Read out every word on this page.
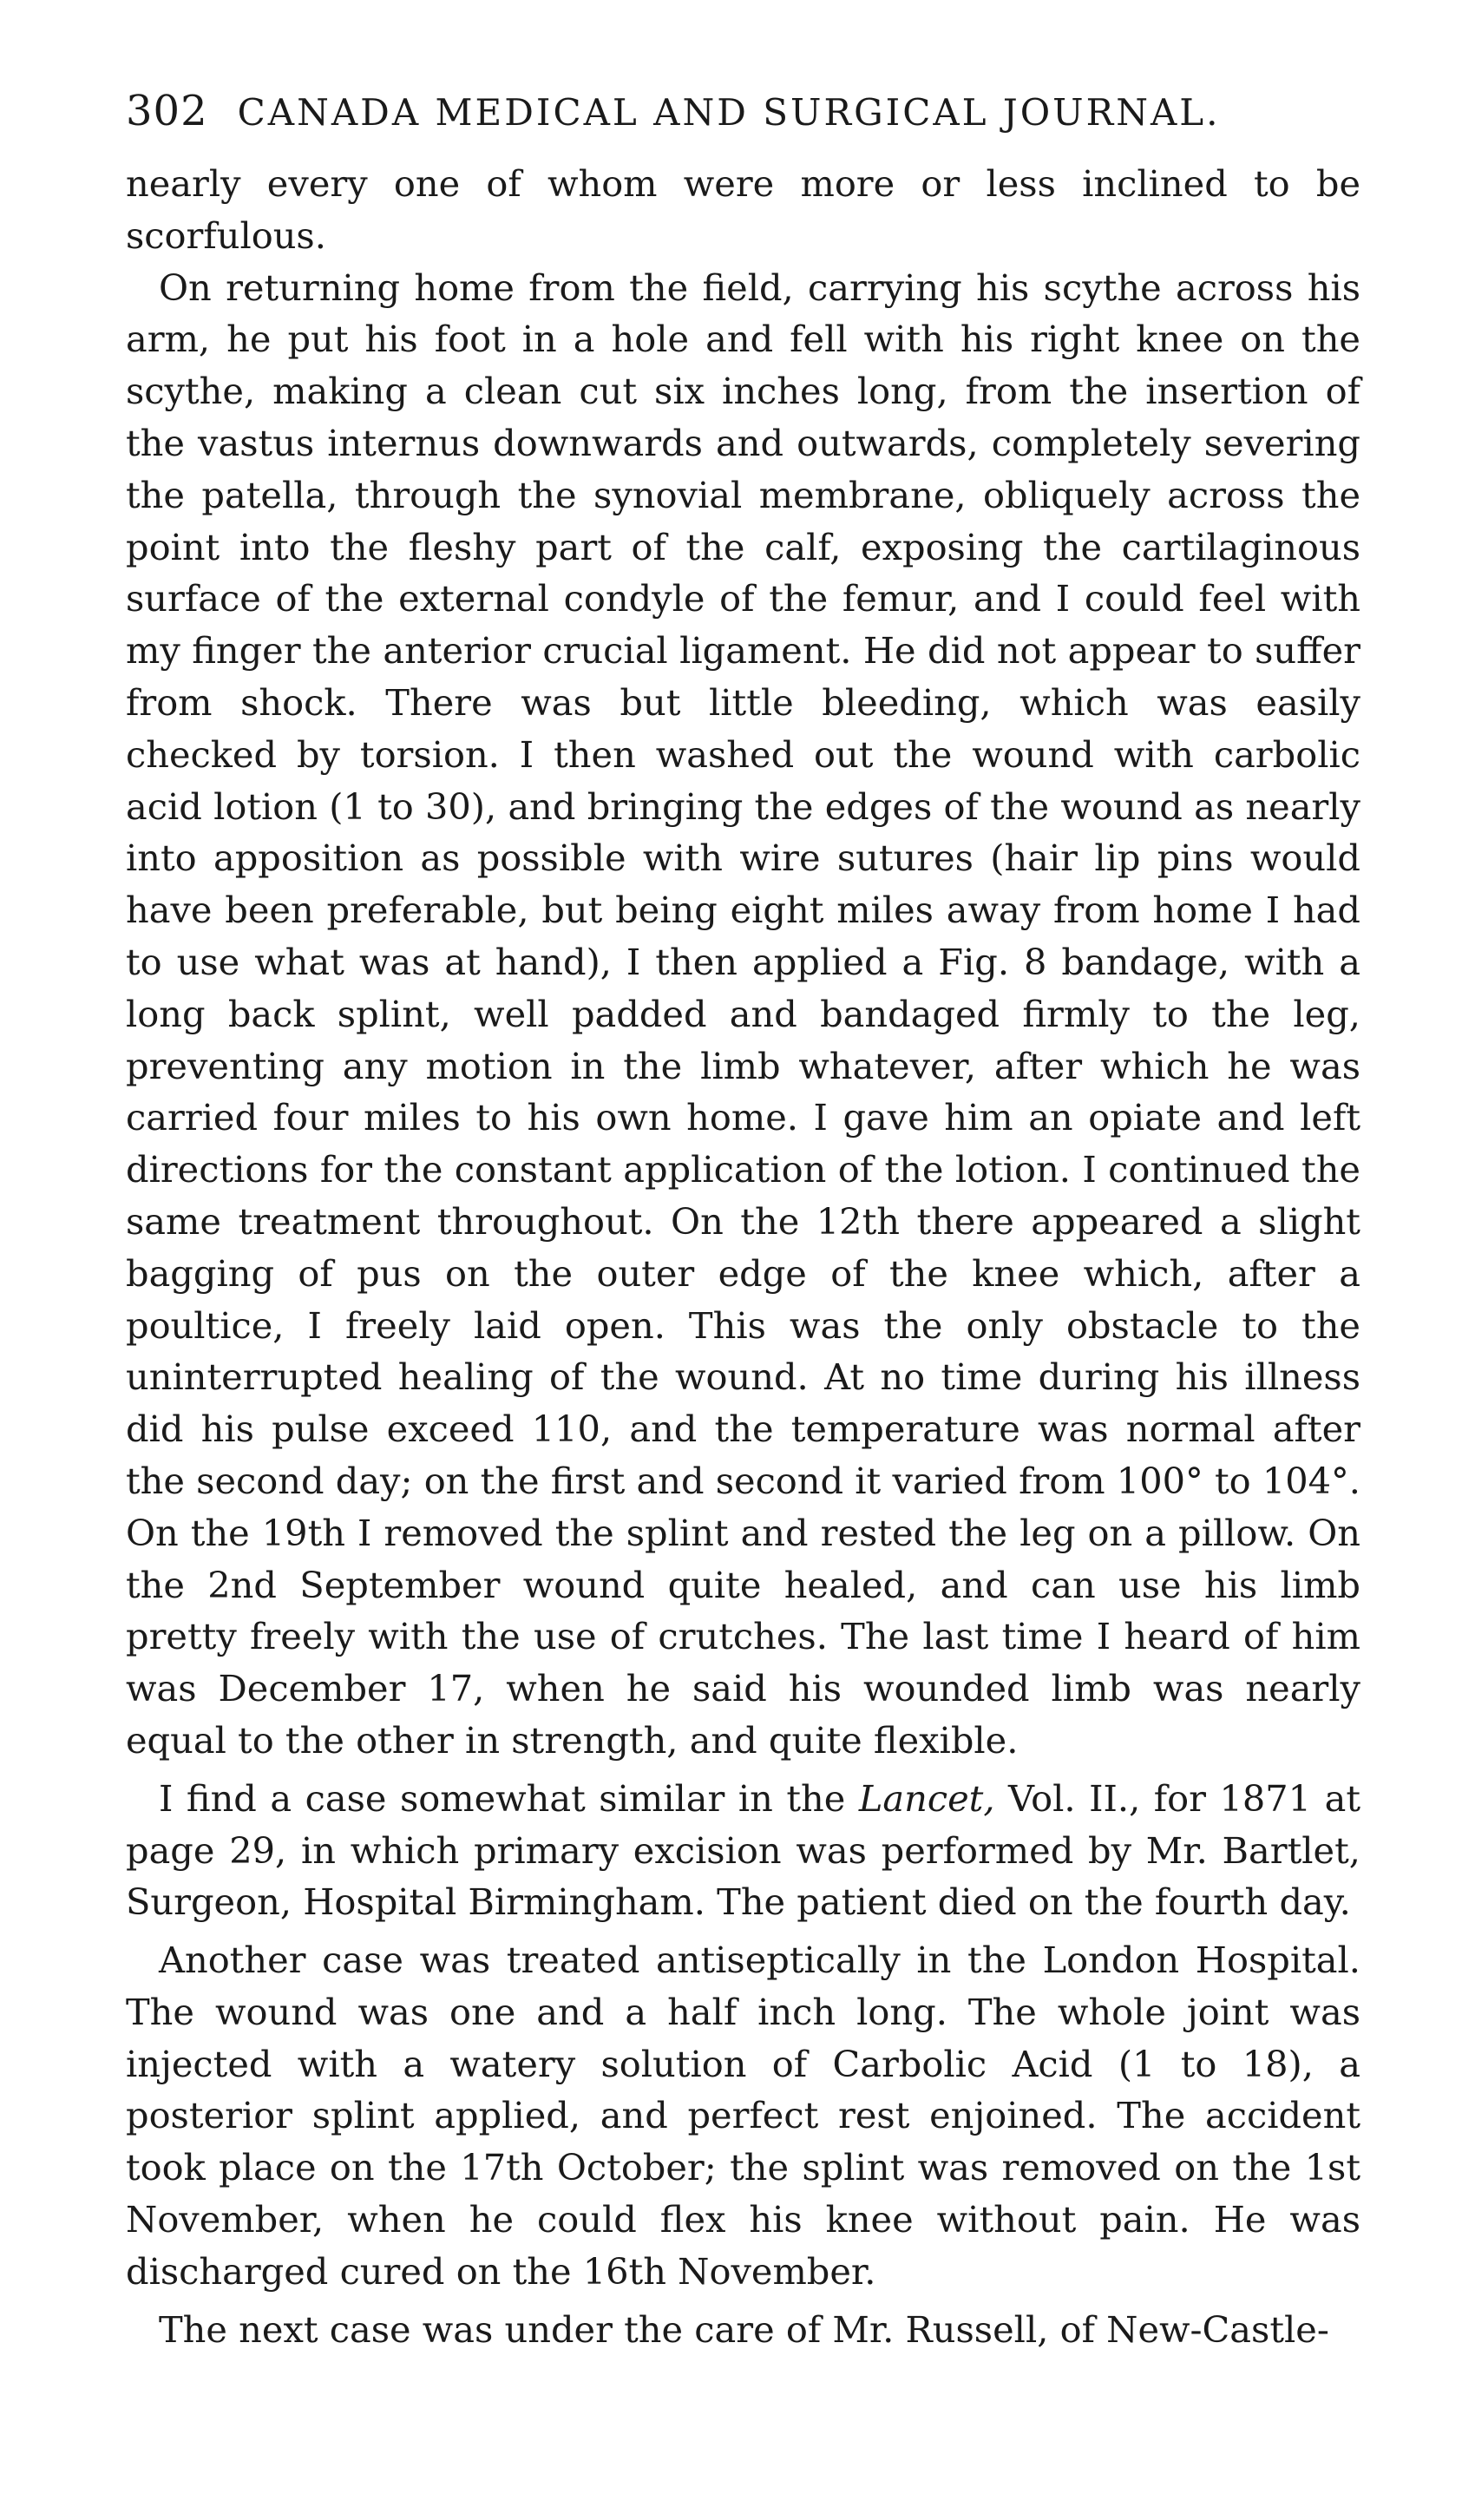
302 CANADA MEDICAL AND SURGICAL JOURNAL.

nearly every one of whom were more or less inclined to be scorfulous.

On returning home from the field, carrying his scythe across his arm, he put his foot in a hole and fell with his right knee on the scythe, making a clean cut six inches long, from the insertion of the vastus internus downwards and outwards, completely severing the patella, through the synovial membrane, obliquely across the point into the fleshy part of the calf, exposing the cartilaginous surface of the external condyle of the femur, and I could feel with my finger the anterior crucial ligament. He did not appear to suffer from shock. There was but little bleeding, which was easily checked by torsion. I then washed out the wound with carbolic acid lotion (1 to 30), and bringing the edges of the wound as nearly into apposition as possible with wire sutures (hair lip pins would have been preferable, but being eight miles away from home I had to use what was at hand), I then applied a Fig. 8 bandage, with a long back splint, well padded and bandaged firmly to the leg, preventing any motion in the limb whatever, after which he was carried four miles to his own home. I gave him an opiate and left directions for the constant application of the lotion. I continued the same treatment throughout. On the 12th there appeared a slight bagging of pus on the outer edge of the knee which, after a poultice, I freely laid open. This was the only obstacle to the uninterrupted healing of the wound. At no time during his illness did his pulse exceed 110, and the temperature was normal after the second day; on the first and second it varied from 100° to 104°. On the 19th I removed the splint and rested the leg on a pillow. On the 2nd September wound quite healed, and can use his limb pretty freely with the use of crutches. The last time I heard of him was December 17, when he said his wounded limb was nearly equal to the other in strength, and quite flexible.

I find a case somewhat similar in the Lancet, Vol. II., for 1871 at page 29, in which primary excision was performed by Mr. Bartlet, Surgeon, Hospital Birmingham. The patient died on the fourth day.

Another case was treated antiseptically in the London Hospital. The wound was one and a half inch long. The whole joint was injected with a watery solution of Carbolic Acid (1 to 18), a posterior splint applied, and perfect rest enjoined. The accident took place on the 17th October; the splint was removed on the 1st November, when he could flex his knee without pain. He was discharged cured on the 16th November.

The next case was under the care of Mr. Russell, of New-Castle-
